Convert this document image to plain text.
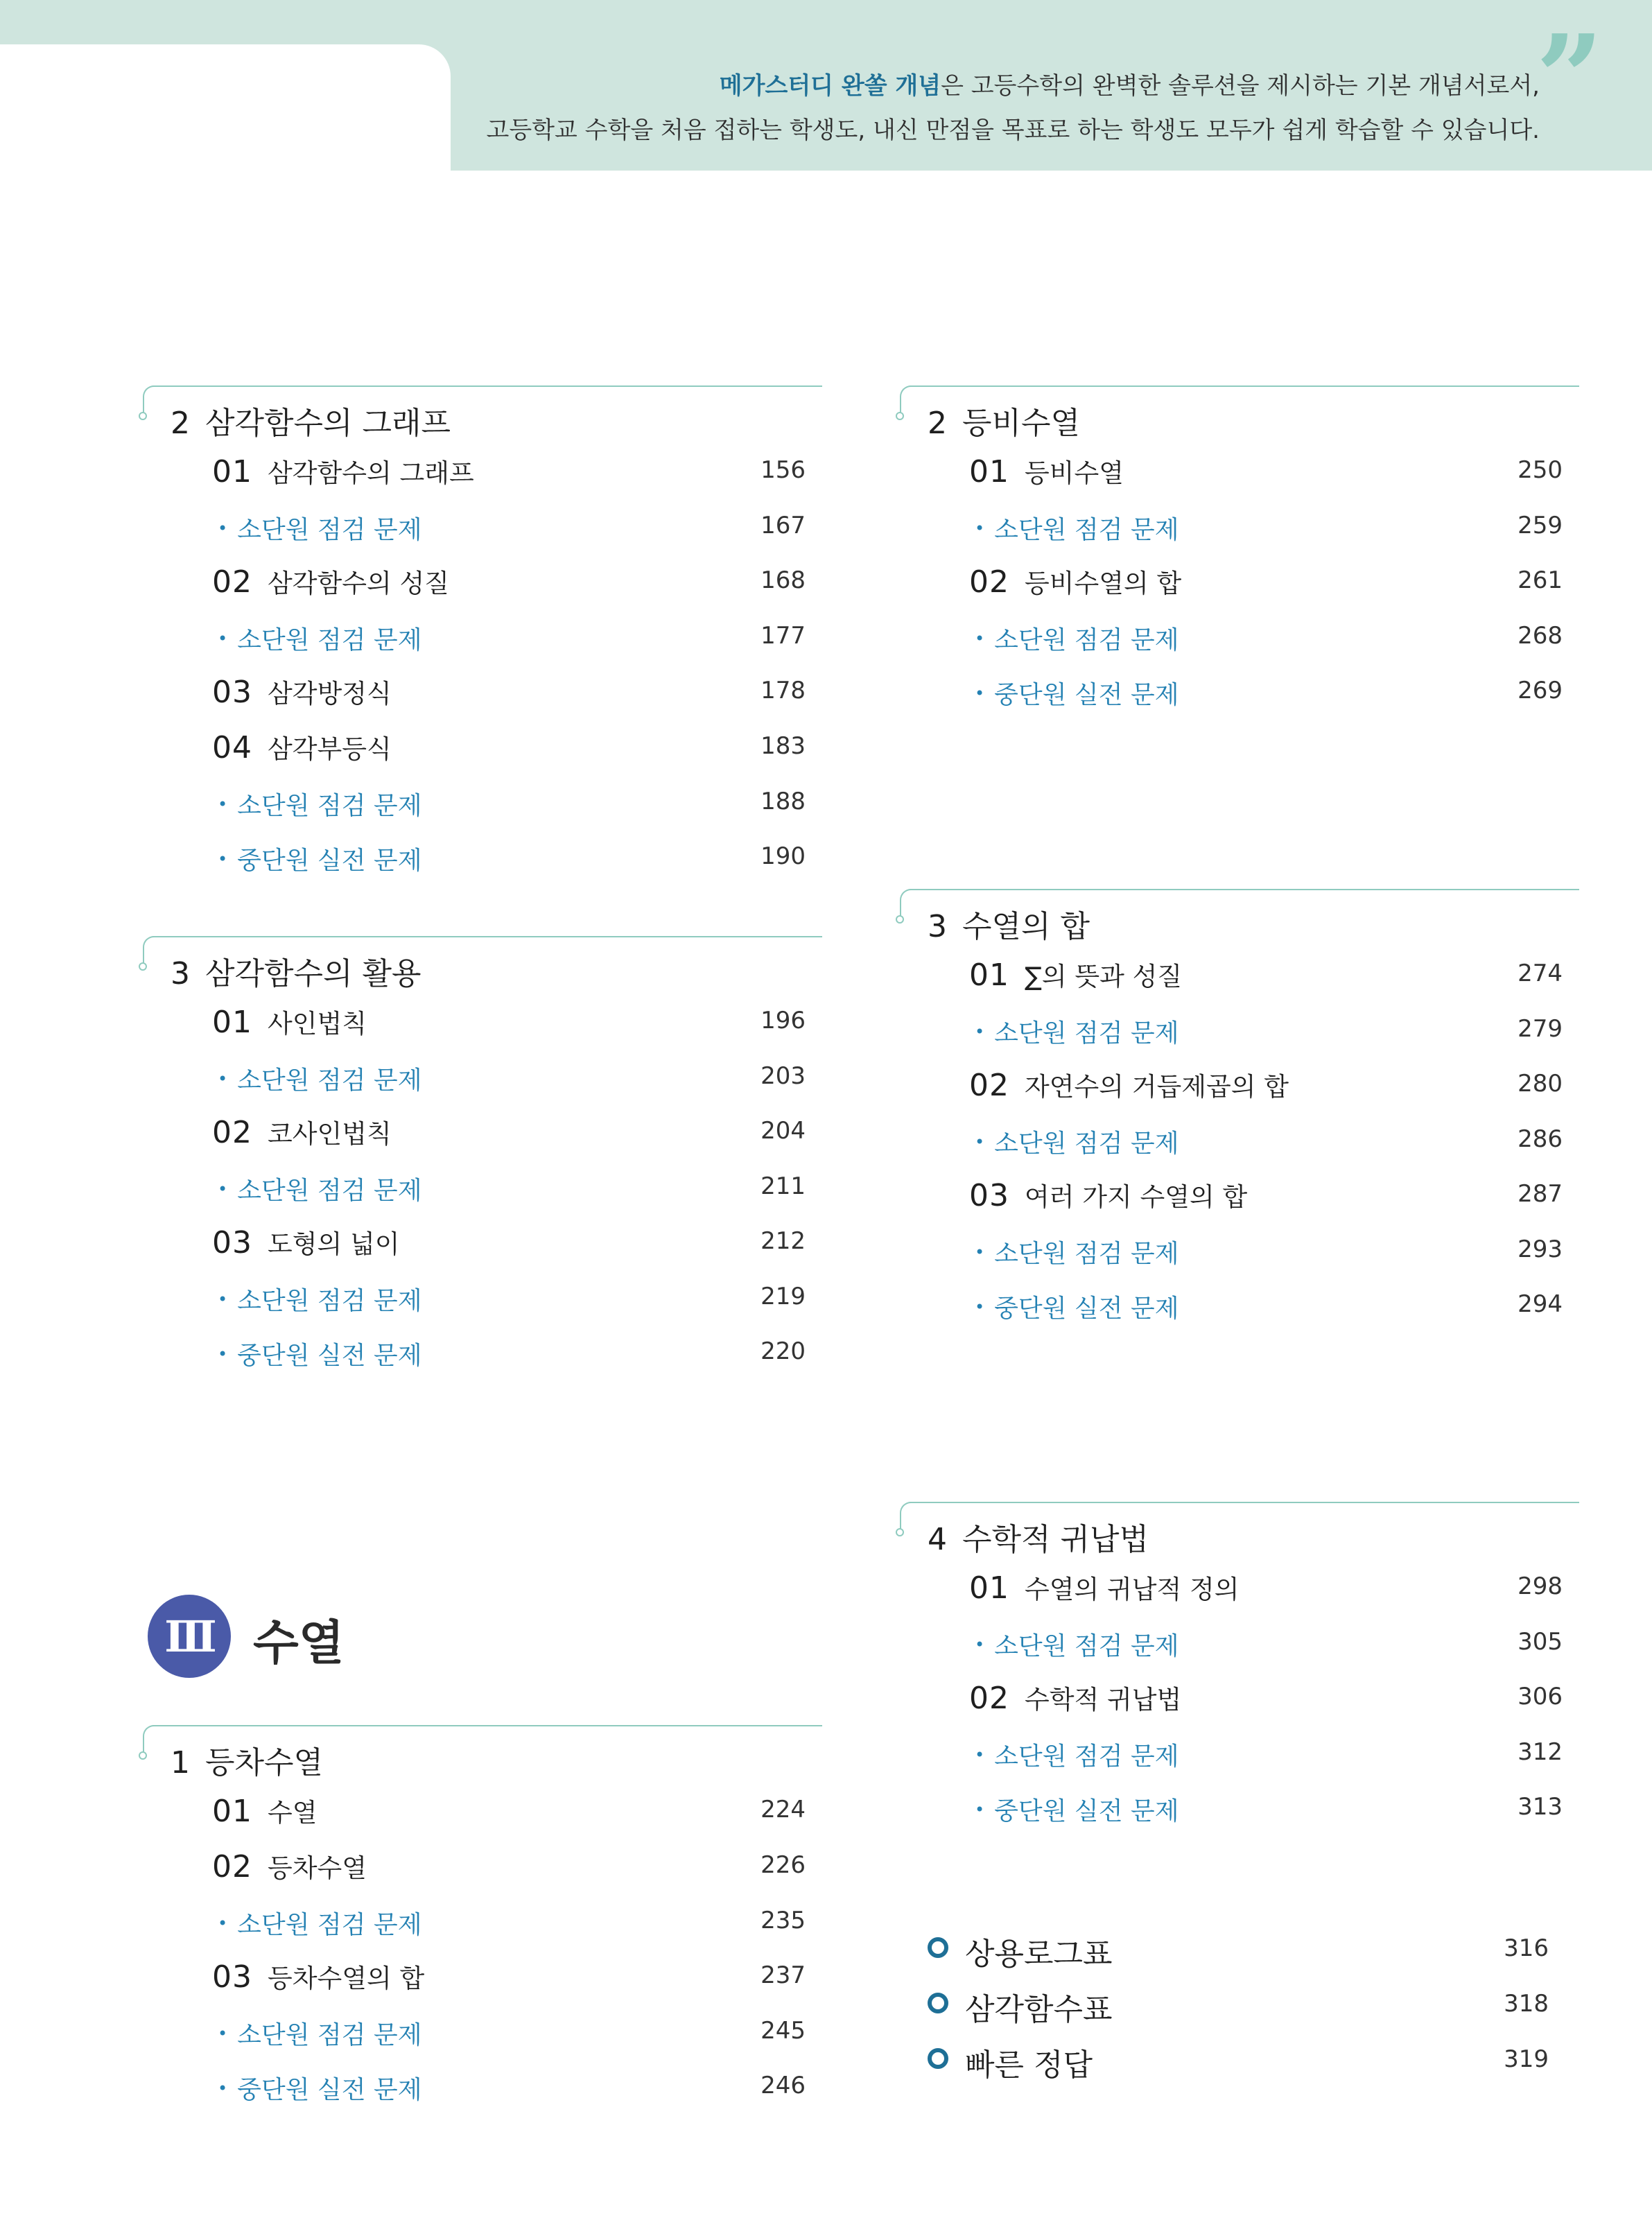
”
메가스터디 완쏠 개념은 고등수학의 완벽한 솔루션을 제시하는 기본 개념서로서,
고등학교 수학을 처음 접하는 학생도, 내신 만점을 목표로 하는 학생도 모두가 쉽게 학습할 수 있습니다.
2 삼각함수의 그래프
01 삼각함수의 그래프	156
• 소단원 점검 문제	167
02 삼각함수의 성질	168
• 소단원 점검 문제	177
03 삼각방정식	178
04 삼각부등식	183
• 소단원 점검 문제	188
• 중단원 실전 문제	190
3 삼각함수의 활용
01 사인법칙	196
• 소단원 점검 문제	203
02 코사인법칙	204
• 소단원 점검 문제	211
03 도형의 넓이	212
• 소단원 점검 문제	219
• 중단원 실전 문제	220
1 등차수열
01 수열	224
02 등차수열	226
• 소단원 점검 문제	235
03 등차수열의 합	237
• 소단원 점검 문제	245
• 중단원 실전 문제	246
2 등비수열
01 등비수열	250
• 소단원 점검 문제	259
02 등비수열의 합	261
• 소단원 점검 문제	268
• 중단원 실전 문제	269
3 수열의 합
01 ∑의 뜻과 성질	274
• 소단원 점검 문제	279
02 자연수의 거듭제곱의 합	280
• 소단원 점검 문제	286
03 여러 가지 수열의 합	287
• 소단원 점검 문제	293
• 중단원 실전 문제	294
4 수학적 귀납법
01 수열의 귀납적 정의	298
• 소단원 점검 문제	305
02 수학적 귀납법	306
• 소단원 점검 문제	312
• 중단원 실전 문제	313
Ⅲ 수열
상용로그표	316
삼각함수표	318
빠른 정답	319
